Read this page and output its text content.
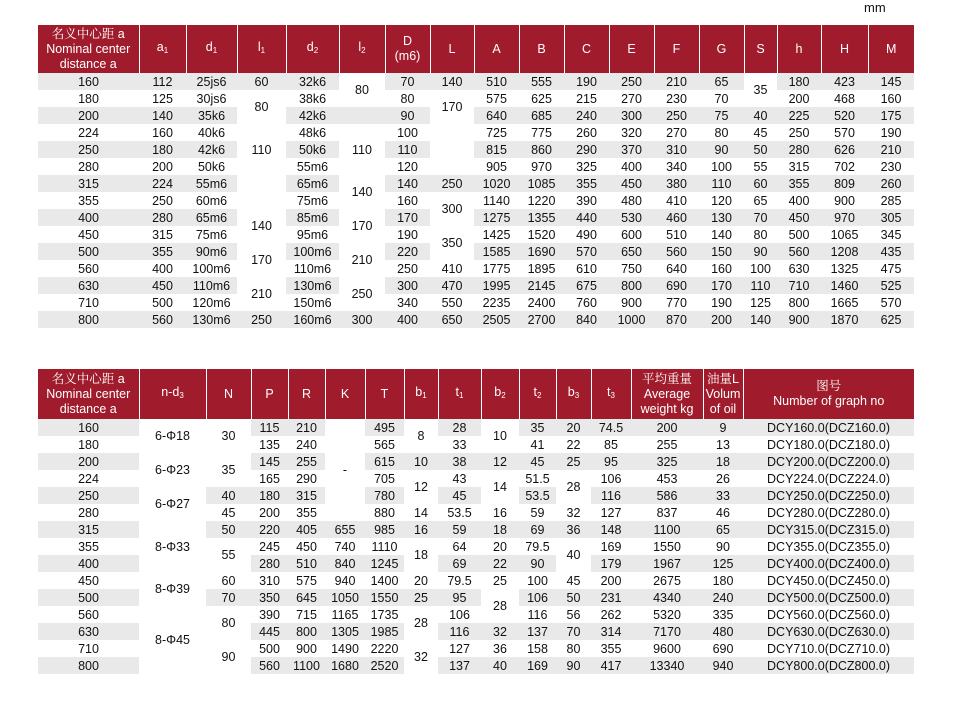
mm
名义中心距 a
Nominal center
distance a	$a_1$	$d_1$	$l_1$	$d_2$	$l_2$	D
(m6)	L	A	B	C	E	F	G	S	h	H	M
160	112	25js6	60	32k6	80	70	140	510	555	190	250	210	65	35	180	423	145
180	125	30js6	80	38k6		80	170	575	625	215	270	230	70		200	468	160
200	140	35k6		42k6		90		640	685	240	300	250	75	40	225	520	175
224	160	40k6	110	48k6	110	100		725	775	260	320	270	80	45	250	570	190
250	180	42k6		50k6		110		815	860	290	370	310	90	50	280	626	210
280	200	50k6		55m6		120		905	970	325	400	340	100	55	315	702	230
315	224	55m6		65m6	140	140	250	1020	1085	355	450	380	110	60	355	809	260
355	250	60m6		75m6		160	300	1140	1220	390	480	410	120	65	400	900	285
400	280	65m6	140	85m6	170	170		1275	1355	440	530	460	130	70	450	970	305
450	315	75m6		95m6		190	350	1425	1520	490	600	510	140	80	500	1065	345
500	355	90m6	170	100m6	210	220		1585	1690	570	650	560	150	90	560	1208	435
560	400	100m6		110m6		250	410	1775	1895	610	750	640	160	100	630	1325	475
630	450	110m6	210	130m6	250	300	470	1995	2145	675	800	690	170	110	710	1460	525
710	500	120m6		150m6		340	550	2235	2400	760	900	770	190	125	800	1665	570
800	560	130m6	250	160m6	300	400	650	2505	2700	840	1000	870	200	140	900	1870	625
名义中心距 a
Nominal center
distance a	$n-d_3$	N	P	R	K	T	$b_1$	$t_1$	$b_2$	$t_2$	$b_3$	$t_3$	平均重量
Average
weight kg	油量L
Volum
of oil	图号
Number of graph no
160	6-Φ18	30	115	210	-	495	8	28	10	35	20	74.5	200	9	DCY160.0(DCZ160.0)
180			135	240		565		33		41	22	85	255	13	DCY180.0(DCZ180.0)
200	6-Φ23	35	145	255		615	10	38	12	45	25	95	325	18	DCY200.0(DCZ200.0)
224			165	290		705	12	43	14	51.5	28	106	453	26	DCY224.0(DCZ224.0)
250	6-Φ27	40	180	315		780		45		53.5		116	586	33	DCY250.0(DCZ250.0)
280		45	200	355		880	14	53.5	16	59	32	127	837	46	DCY280.0(DCZ280.0)
315	8-Φ33	50	220	405	655	985	16	59	18	69	36	148	1100	65	DCY315.0(DCZ315.0)
355		55	245	450	740	1110	18	64	20	79.5	40	169	1550	90	DCY355.0(DCZ355.0)
400			280	510	840	1245		69	22	90		179	1967	125	DCY400.0(DCZ400.0)
450	8-Φ39	60	310	575	940	1400	20	79.5	25	100	45	200	2675	180	DCY450.0(DCZ450.0)
500		70	350	645	1050	1550	25	95	28	106	50	231	4340	240	DCY500.0(DCZ500.0)
560	8-Φ45	80	390	715	1165	1735	28	106		116	56	262	5320	335	DCY560.0(DCZ560.0)
630			445	800	1305	1985		116	32	137	70	314	7170	480	DCY630.0(DCZ630.0)
710		90	500	900	1490	2220	32	127	36	158	80	355	9600	690	DCY710.0(DCZ710.0)
800			560	1100	1680	2520		137	40	169	90	417	13340	940	DCY800.0(DCZ800.0)
